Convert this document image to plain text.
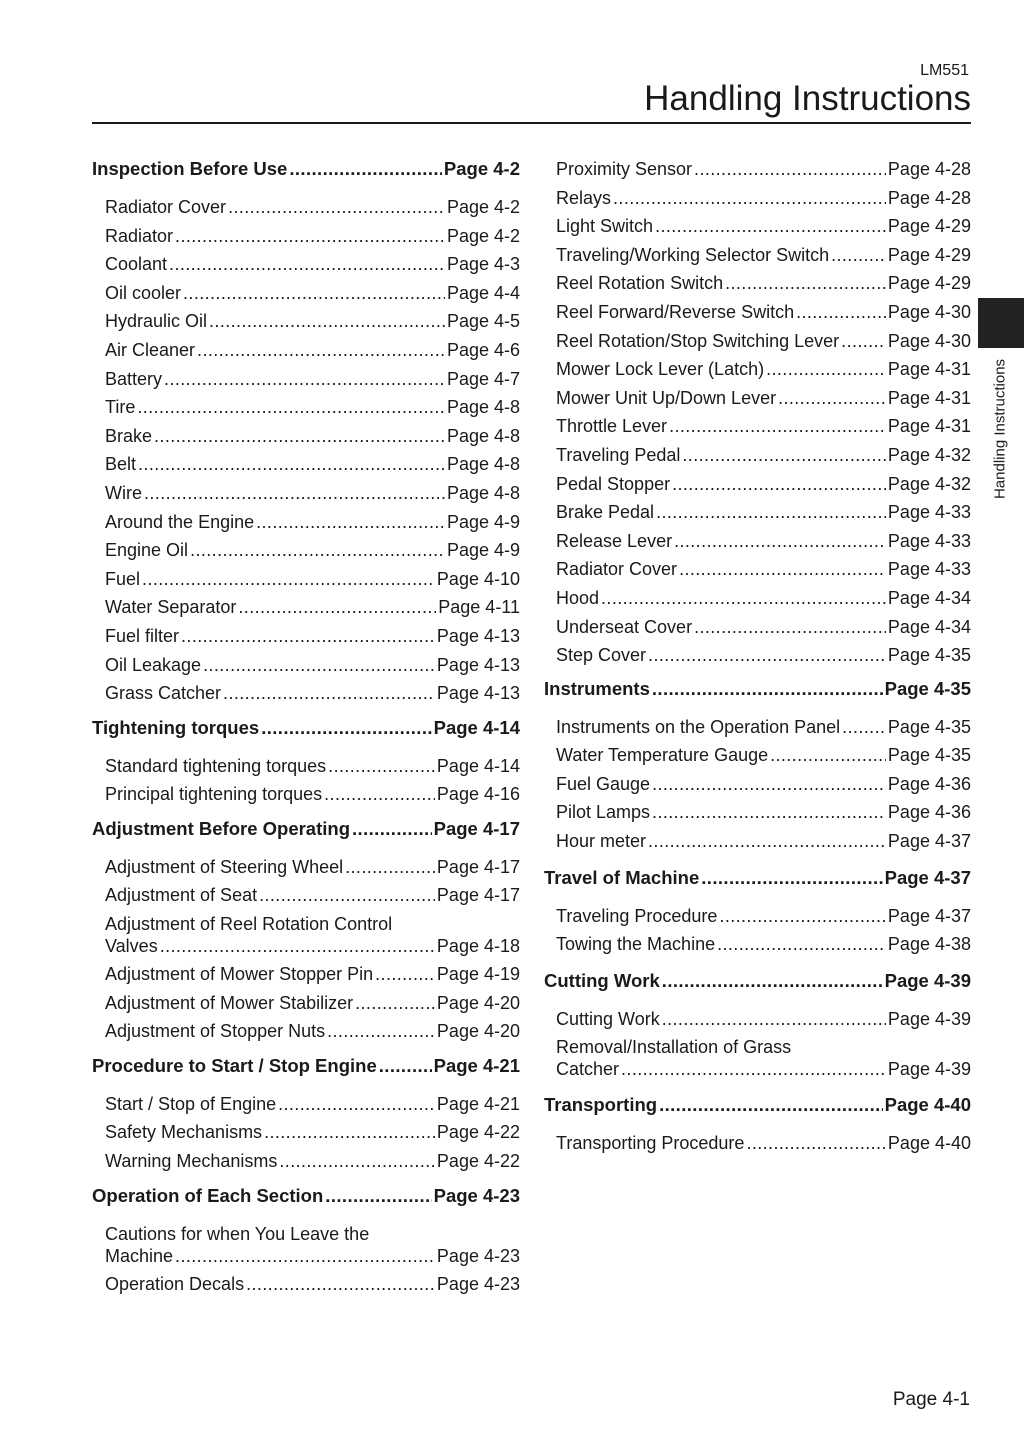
LM551
Handling Instructions
Handling Instructions
Inspection Before Use .....	Page 4-2
Radiator Cover .....	Page 4-2
Radiator .....	Page 4-2
Coolant .....	Page 4-3
Oil cooler .....	Page 4-4
Hydraulic Oil .....	Page 4-5
Air Cleaner .....	Page 4-6
Battery .....	Page 4-7
Tire .....	Page 4-8
Brake .....	Page 4-8
Belt .....	Page 4-8
Wire .....	Page 4-8
Around the Engine .....	Page 4-9
Engine Oil .....	Page 4-9
Fuel .....	Page 4-10
Water Separator .....	Page 4-11
Fuel filter .....	Page 4-13
Oil Leakage .....	Page 4-13
Grass Catcher .....	Page 4-13
Tightening torques .....	Page 4-14
Standard tightening torques .....	Page 4-14
Principal tightening torques .....	Page 4-16
Adjustment Before Operating .....	Page 4-17
Adjustment of Steering Wheel .....	Page 4-17
Adjustment of Seat .....	Page 4-17
Adjustment of Reel Rotation Control
Valves .....	Page 4-18
Adjustment of Mower Stopper Pin .....	Page 4-19
Adjustment of Mower Stabilizer .....	Page 4-20
Adjustment of Stopper Nuts .....	Page 4-20
Procedure to Start / Stop Engine .....	Page 4-21
Start / Stop of Engine .....	Page 4-21
Safety Mechanisms .....	Page 4-22
Warning Mechanisms .....	Page 4-22
Operation of Each Section .....	Page 4-23
Cautions for when You Leave the
Machine .....	Page 4-23
Operation Decals .....	Page 4-23
Proximity Sensor .....	Page 4-28
Relays .....	Page 4-28
Light Switch .....	Page 4-29
Traveling/Working Selector Switch .....	Page 4-29
Reel Rotation Switch .....	Page 4-29
Reel Forward/Reverse Switch .....	Page 4-30
Reel Rotation/Stop Switching Lever .....	Page 4-30
Mower Lock Lever (Latch) .....	Page 4-31
Mower Unit Up/Down Lever .....	Page 4-31
Throttle Lever .....	Page 4-31
Traveling Pedal .....	Page 4-32
Pedal Stopper .....	Page 4-32
Brake Pedal .....	Page 4-33
Release Lever .....	Page 4-33
Radiator Cover .....	Page 4-33
Hood .....	Page 4-34
Underseat Cover .....	Page 4-34
Step Cover .....	Page 4-35
Instruments .....	Page 4-35
Instruments on the Operation Panel .....	Page 4-35
Water Temperature Gauge .....	Page 4-35
Fuel Gauge .....	Page 4-36
Pilot Lamps .....	Page 4-36
Hour meter .....	Page 4-37
Travel of Machine .....	Page 4-37
Traveling Procedure .....	Page 4-37
Towing the Machine .....	Page 4-38
Cutting Work .....	Page 4-39
Cutting Work .....	Page 4-39
Removal/Installation of Grass
Catcher .....	Page 4-39
Transporting .....	Page 4-40
Transporting Procedure .....	Page 4-40
Page 4-1
